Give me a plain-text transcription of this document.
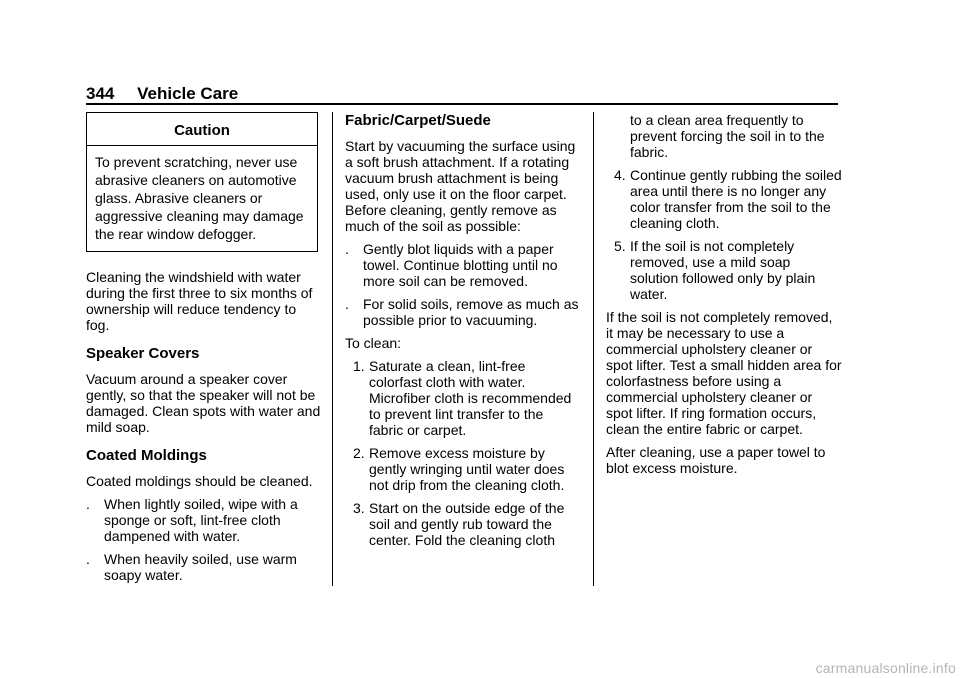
344 Vehicle Care
Caution
To prevent scratching, never use abrasive cleaners on automotive glass. Abrasive cleaners or aggressive cleaning may damage the rear window defogger.

Cleaning the windshield with water during the first three to six months of ownership will reduce tendency to fog.

Speaker Covers

Vacuum around a speaker cover gently, so that the speaker will not be damaged. Clean spots with water and mild soap.

Coated Moldings

Coated moldings should be cleaned.

. When lightly soiled, wipe with a sponge or soft, lint-free cloth dampened with water.
. When heavily soiled, use warm soapy water.
Fabric/Carpet/Suede

Start by vacuuming the surface using a soft brush attachment. If a rotating vacuum brush attachment is being used, only use it on the floor carpet. Before cleaning, gently remove as much of the soil as possible:

. Gently blot liquids with a paper towel. Continue blotting until no more soil can be removed.
. For solid soils, remove as much as possible prior to vacuuming.

To clean:

1. Saturate a clean, lint-free colorfast cloth with water. Microfiber cloth is recommended to prevent lint transfer to the fabric or carpet.
2. Remove excess moisture by gently wringing until water does not drip from the cleaning cloth.
3. Start on the outside edge of the soil and gently rub toward the center. Fold the cleaning cloth
to a clean area frequently to prevent forcing the soil in to the fabric.
4. Continue gently rubbing the soiled area until there is no longer any color transfer from the soil to the cleaning cloth.
5. If the soil is not completely removed, use a mild soap solution followed only by plain water.

If the soil is not completely removed, it may be necessary to use a commercial upholstery cleaner or spot lifter. Test a small hidden area for colorfastness before using a commercial upholstery cleaner or spot lifter. If ring formation occurs, clean the entire fabric or carpet.

After cleaning, use a paper towel to blot excess moisture.

carmanualsonline.info
